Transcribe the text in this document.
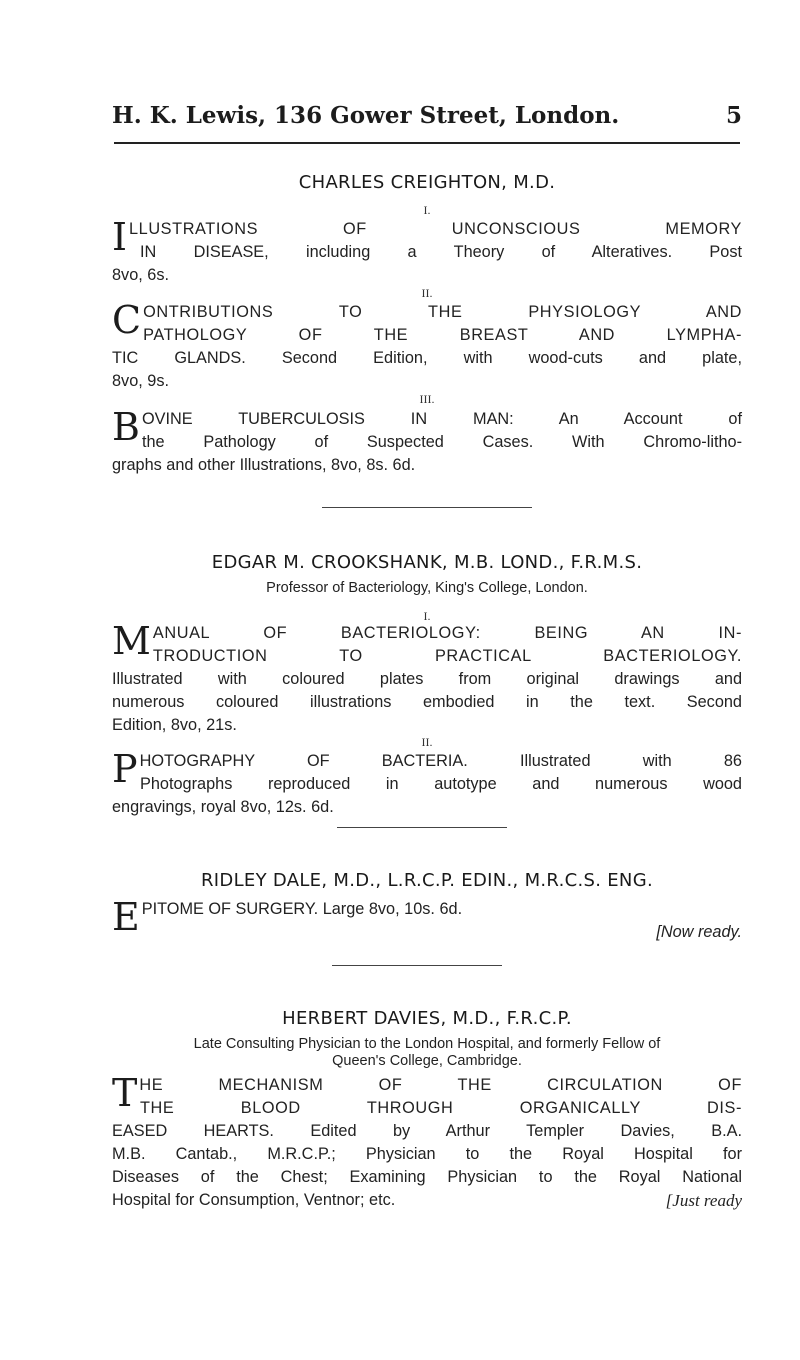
H. K. Lewis, 136 Gower Street, London.	5
CHARLES CREIGHTON, M.D.
I.
I LLUSTRATIONS OF UNCONSCIOUS MEMORY
IN DISEASE, including a Theory of Alteratives. Post
8vo, 6s.
II.
C ONTRIBUTIONS TO THE PHYSIOLOGY AND
PATHOLOGY OF THE BREAST AND LYMPHA-
TIC GLANDS. Second Edition, with wood-cuts and plate,
8vo, 9s.
III.
B OVINE TUBERCULOSIS IN MAN: An Account of
the Pathology of Suspected Cases. With Chromo-litho-
graphs and other Illustrations, 8vo, 8s. 6d.
EDGAR M. CROOKSHANK, M.B. LOND., F.R.M.S.
Professor of Bacteriology, King's College, London.
I.
M ANUAL OF BACTERIOLOGY: BEING AN IN-
TRODUCTION TO PRACTICAL BACTERIOLOGY.
Illustrated with coloured plates from original drawings and
numerous coloured illustrations embodied in the text. Second
Edition, 8vo, 21s.
II.
P HOTOGRAPHY OF BACTERIA. Illustrated with 86
Photographs reproduced in autotype and numerous wood
engravings, royal 8vo, 12s. 6d.
RIDLEY DALE, M.D., L.R.C.P. EDIN., M.R.C.S. ENG.
E PITOME OF SURGERY. Large 8vo, 10s. 6d.
[Now ready.
HERBERT DAVIES, M.D., F.R.C.P.
Late Consulting Physician to the London Hospital, and formerly Fellow of
Queen's College, Cambridge.
T HE MECHANISM OF THE CIRCULATION OF
THE BLOOD THROUGH ORGANICALLY DIS-
EASED HEARTS. Edited by Arthur Templer Davies, B.A.
M.B. Cantab., M.R.C.P.; Physician to the Royal Hospital for
Diseases of the Chest; Examining Physician to the Royal National
Hospital for Consumption, Ventnor; etc.	[Just ready
